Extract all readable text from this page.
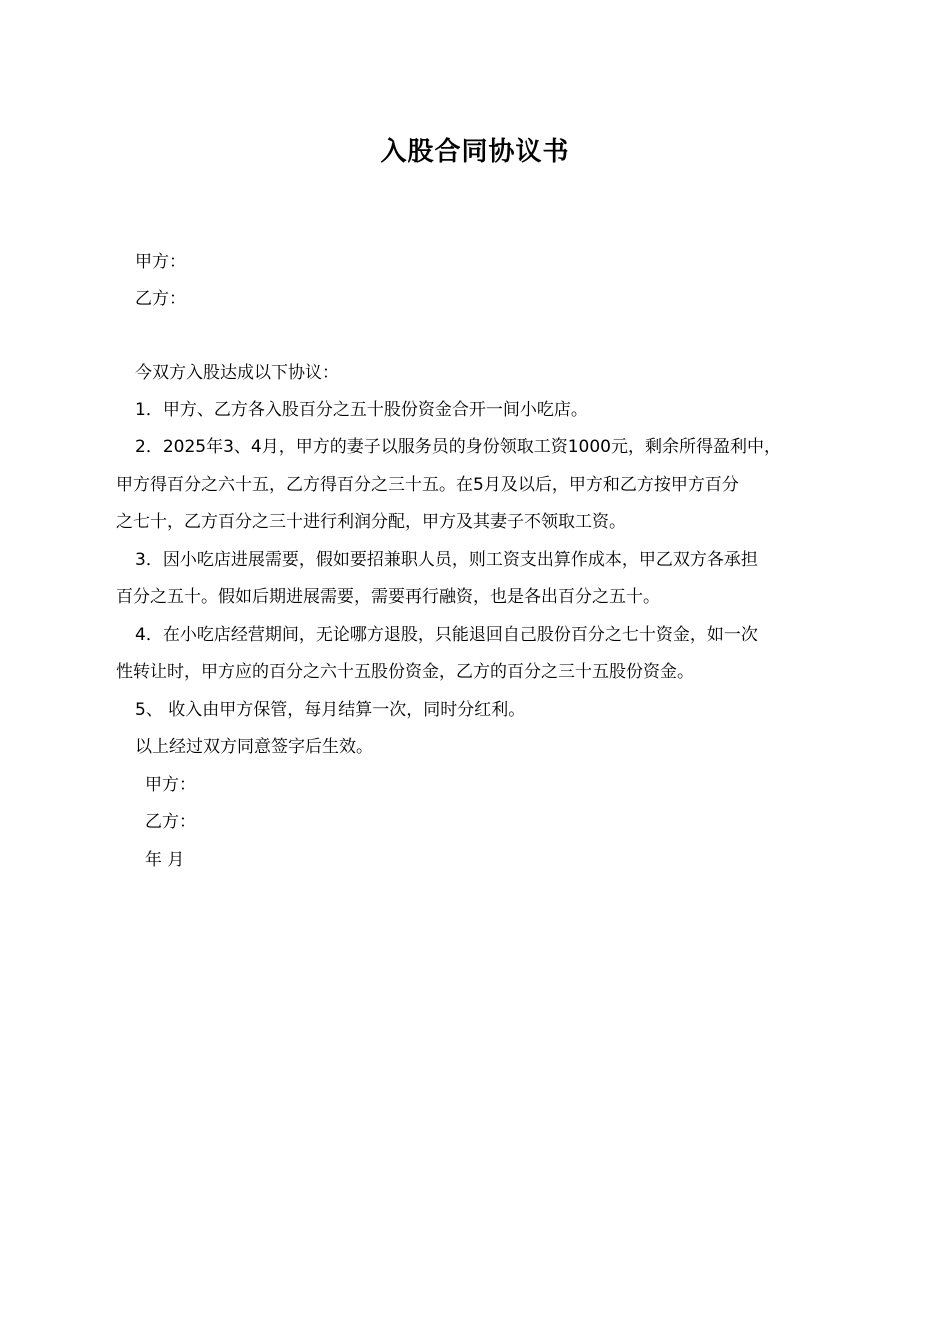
入股合同协议书
甲方：
乙方：
今双方入股达成以下协议：
1．甲方、乙方各入股百分之五十股份资金合开一间小吃店。
2．2025年3、4月，甲方的妻子以服务员的身份领取工资1000元，剩余所得盈利中，
甲方得百分之六十五，乙方得百分之三十五。在5月及以后，甲方和乙方按甲方百分
之七十，乙方百分之三十进行利润分配，甲方及其妻子不领取工资。
3．因小吃店进展需要，假如要招兼职人员，则工资支出算作成本，甲乙双方各承担
百分之五十。假如后期进展需要，需要再行融资，也是各出百分之五十。
4．在小吃店经营期间，无论哪方退股，只能退回自己股份百分之七十资金，如一次
性转让时，甲方应的百分之六十五股份资金，乙方的百分之三十五股份资金。
5、 收入由甲方保管，每月结算一次，同时分红利。
以上经过双方同意签字后生效。
甲方：
乙方：
年 月
